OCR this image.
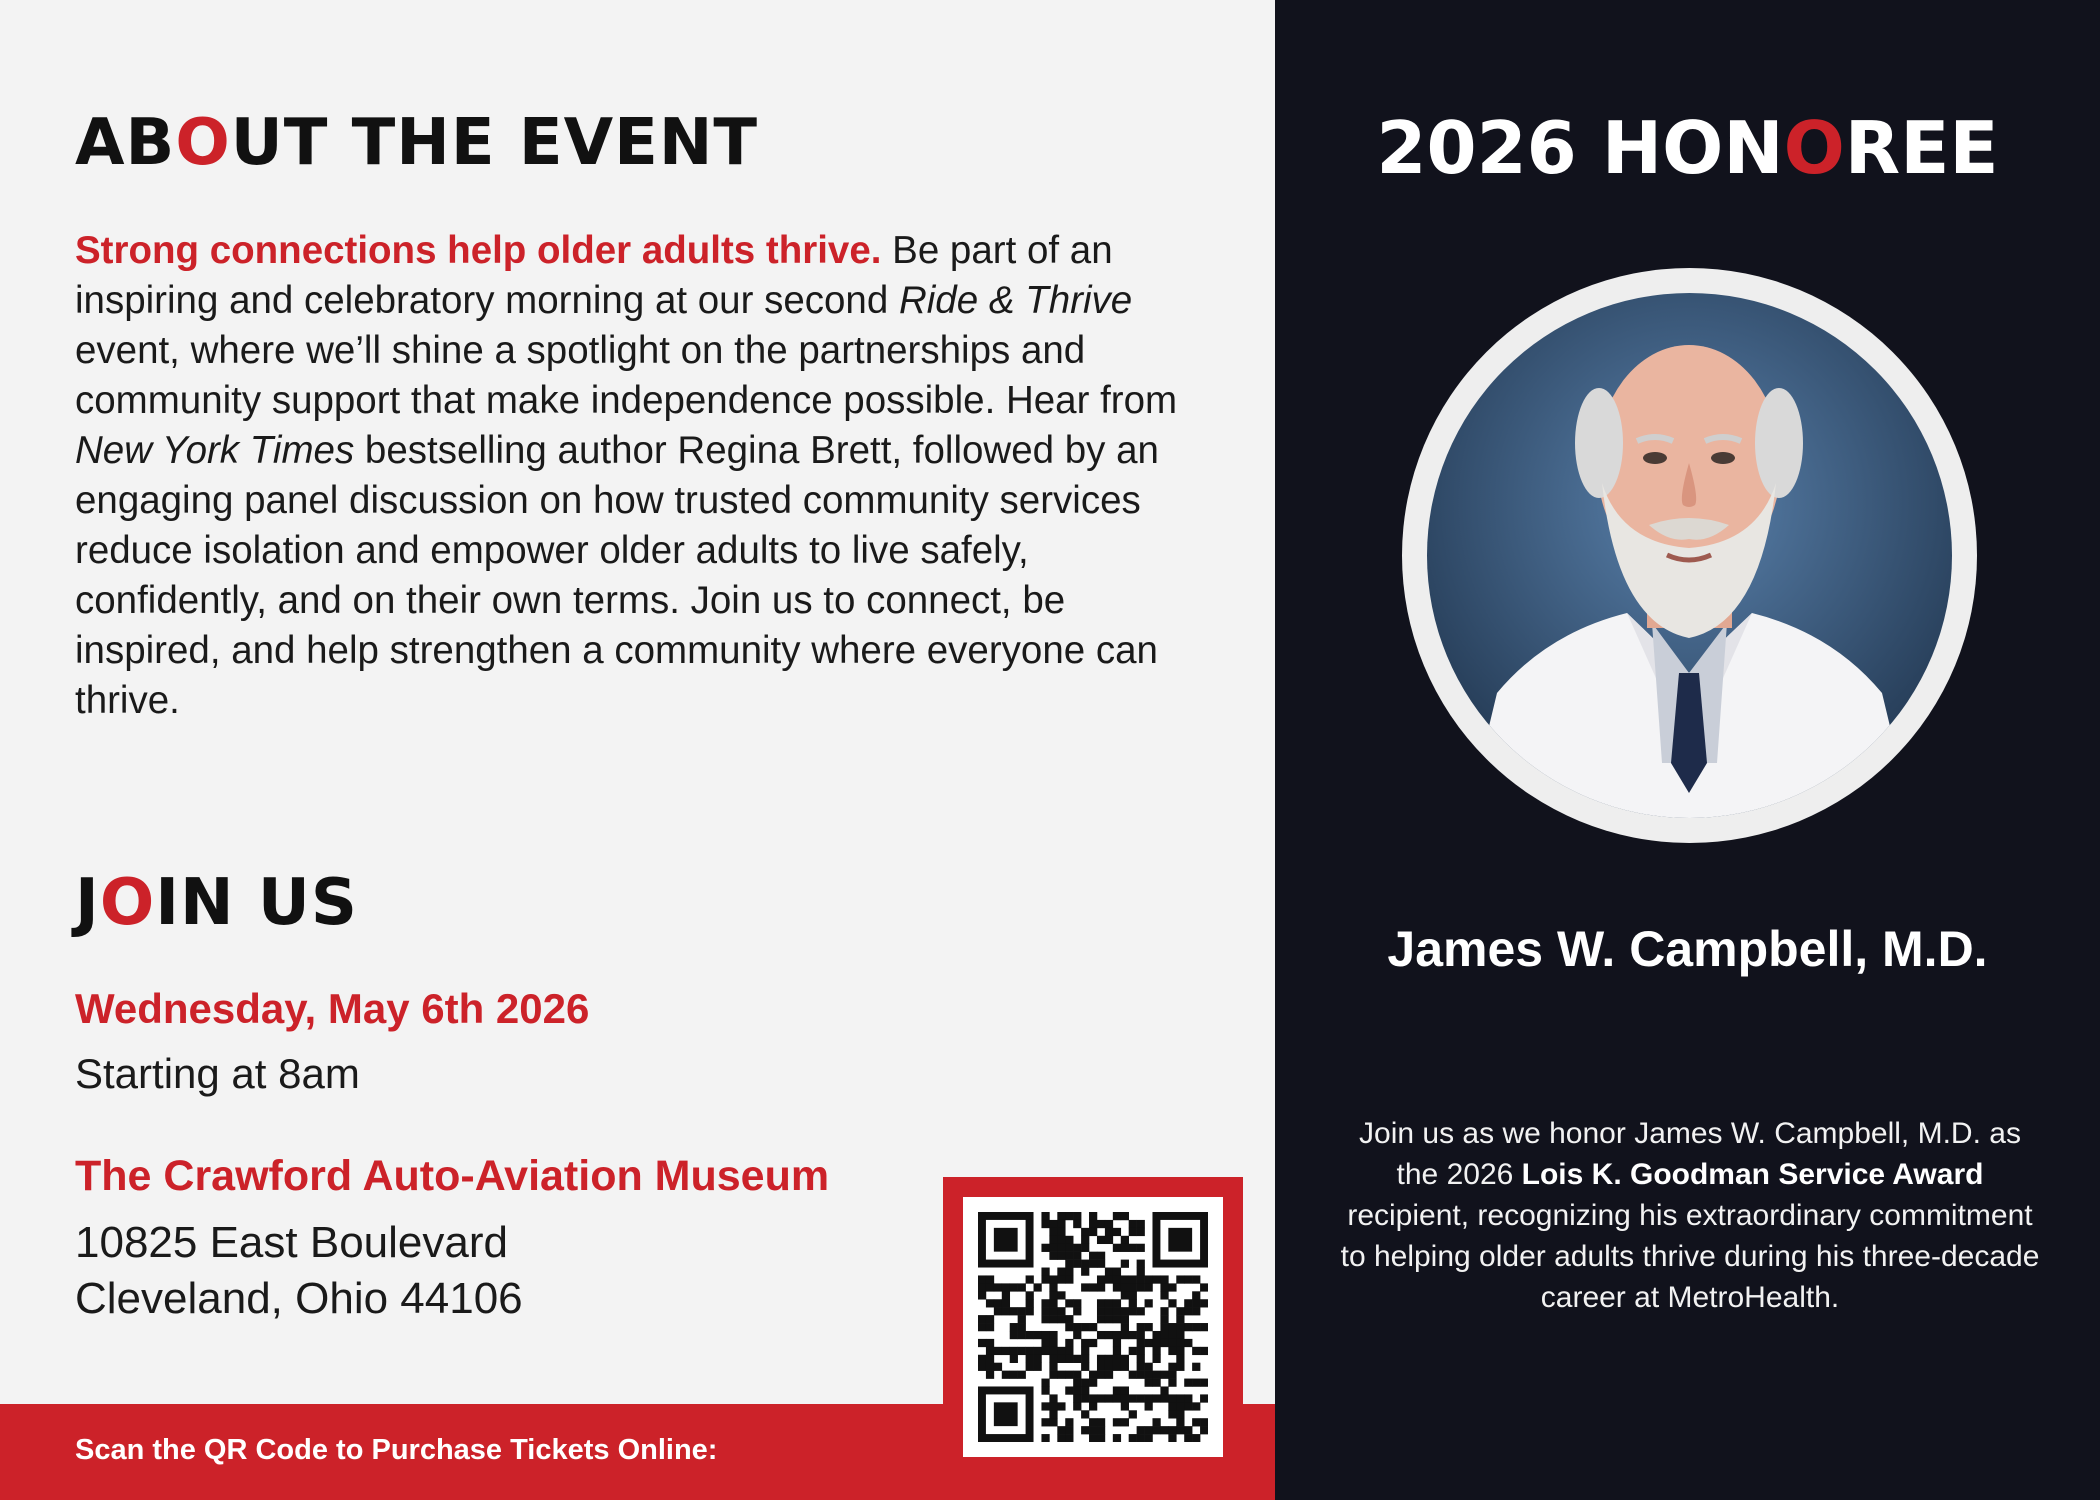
ABOUT THE EVENT

Strong connections help older adults thrive. Be part of an inspiring and celebratory morning at our second Ride & Thrive event, where we’ll shine a spotlight on the partnerships and community support that make independence possible. Hear from New York Times bestselling author Regina Brett, followed by an engaging panel discussion on how trusted community services reduce isolation and empower older adults to live safely, confidently, and on their own terms. Join us to connect, be inspired, and help strengthen a community where everyone can thrive.

JOIN US

Wednesday, May 6th 2026

Starting at 8am

The Crawford Auto-Aviation Museum

10825 East Boulevard
Cleveland, Ohio 44106

Scan the QR Code to Purchase Tickets Online:

2026 HONOREE

James W. Campbell, M.D.

Join us as we honor James W. Campbell, M.D. as the 2026 Lois K. Goodman Service Award recipient, recognizing his extraordinary commitment to helping older adults thrive during his three-decade career at MetroHealth.
